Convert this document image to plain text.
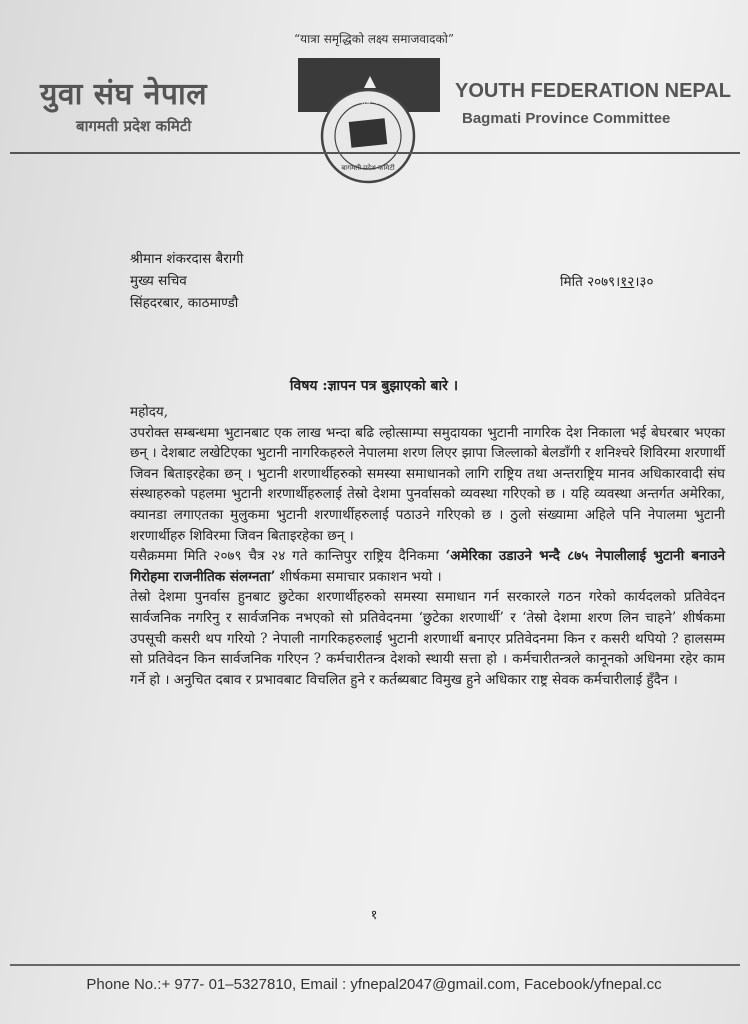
“यात्रा समृद्धिको लक्ष्य समाजवादको”
युवा संघ नेपाल
बागमती प्रदेश कमिटी
युवा संघ नेपाल
बागमती प्रदेश कमिटी
YOUTH FEDERATION NEPAL
Bagmati Province Committee
श्रीमान शंकरदास बैरागी
मुख्य सचिव
सिंहदरबार, काठमाण्डौ
मिति २०७९।१२।३०
विषय :ज्ञापन पत्र बुझाएको बारे ।

महोदय,

उपरोक्त सम्बन्धमा भुटानबाट एक लाख भन्दा बढि ल्होत्साम्पा समुदायका भुटानी नागरिक देश निकाला भई बेघरबार भएका छन् । देशबाट लखेटिएका भुटानी नागरिकहरुले नेपालमा शरण लिएर झापा जिल्लाको बेलडाँगी र शनिश्चरे शिविरमा शरणार्थी जिवन बिताइरहेका छन् । भुटानी शरणार्थीहरुको समस्या समाधानको लागि राष्ट्रिय तथा अन्तराष्ट्रिय मानव अधिकारवादी संघ संस्थाहरुको पहलमा भुटानी शरणार्थीहरुलाई तेस्रो देशमा पुनर्वासको व्यवस्था गरिएको छ । यहि व्यवस्था अन्तर्गत अमेरिका, क्यानडा लगाएतका मुलुकमा भुटानी शरणार्थीहरुलाई पठाउने गरिएको छ । ठुलो संख्यामा अहिले पनि नेपालमा भुटानी शरणार्थीहरु शिविरमा जिवन बिताइरहेका छन् ।

यसैक्रममा मिति २०७९ चैत्र २४ गते कान्तिपुर राष्ट्रिय दैनिकमा ‘अमेरिका उडाउने भन्दै ८७५ नेपालीलाई भुटानी बनाउने गिरोहमा राजनीतिक संलग्नता’ शीर्षकमा समाचार प्रकाशन भयो ।

तेस्रो देशमा पुनर्वास हुनबाट छुटेका शरणार्थीहरुको समस्या समाधान गर्न सरकारले गठन गरेको कार्यदलको प्रतिवेदन सार्वजनिक नगरिनु र सार्वजनिक नभएको सो प्रतिवेदनमा ‘छुटेका शरणार्थी’ र ‘तेस्रो देशमा शरण लिन चाहने’ शीर्षकमा उपसूची कसरी थप गरियो ? नेपाली नागरिकहरुलाई भुटानी शरणार्थी बनाएर प्रतिवेदनमा किन र कसरी थपियो ? हालसम्म सो प्रतिवेदन किन सार्वजनिक गरिएन ? कर्मचारीतन्त्र देशको स्थायी सत्ता हो । कर्मचारीतन्त्रले कानूनको अधिनमा रहेर काम गर्ने हो । अनुचित दबाव र प्रभावबाट विचलित हुने र कर्तब्यबाट विमुख हुने अधिकार राष्ट्र सेवक कर्मचारीलाई हुँदैन ।

१
Phone No.:+ 977- 01–5327810, Email : yfnepal2047@gmail.com, Facebook/yfnepal.cc
